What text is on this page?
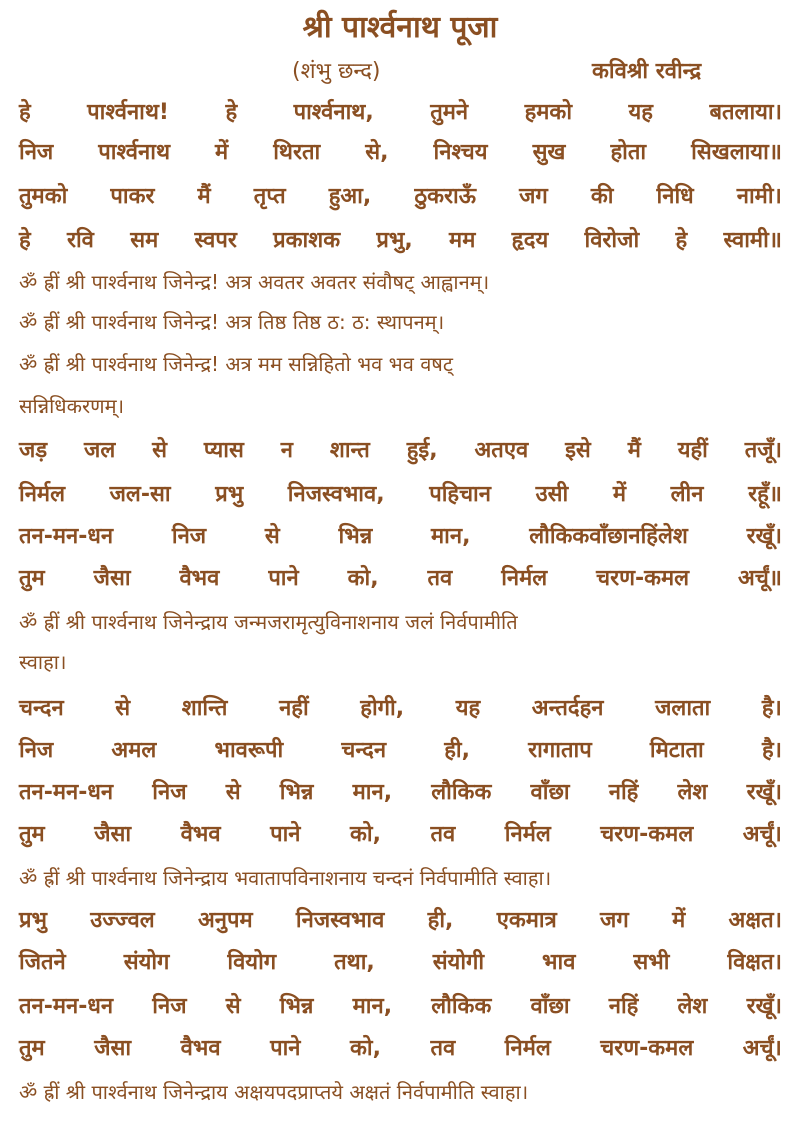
श्री पार्श्वनाथ पूजा
(शंभु छन्द)	कविश्री रवीन्द्र
हे	पार्श्वनाथ!	हे	पार्श्वनाथ,	तुमने	हमको	यह	बतलाया।
निज पार्श्वनाथ में थिरता से, निश्चय सुख होता सिखलाया॥
तुमको पाकर मैं तृप्त हुआ, ठुकराऊँ जग की निधि नामी।
हे रवि सम स्वपर प्रकाशक प्रभु, मम हृदय विरोजो हे स्वामी॥
ॐ ह्रीं श्री पार्श्वनाथ जिनेन्द्र! अत्र अवतर अवतर संवौषट् आह्वानम्।
ॐ ह्रीं श्री पार्श्वनाथ जिनेन्द्र! अत्र तिष्ठ तिष्ठ ठ: ठ: स्थापनम्।
ॐ ह्रीं श्री पार्श्वनाथ जिनेन्द्र! अत्र मम सन्निहितो भव भव वषट्
सन्निधिकरणम्।
जड़ जल से प्यास न शान्त हुई, अतएव इसे मैं यहीं तजूँ।
निर्मल जल-सा प्रभु निजस्वभाव, पहिचान उसी में लीन रहूँ॥
तन-मन-धन	निज	से	भिन्न	मान,	लौकिकवाँछानहिंलेश	रखूँ।
तुम जैसा वैभव पाने को, तव निर्मल चरण-कमल अर्चूं॥
ॐ ह्रीं श्री पार्श्वनाथ जिनेन्द्राय जन्मजरामृत्युविनाशनाय जलं निर्वपामीति
स्वाहा।
चन्दन से शान्ति नहीं होगी, यह अन्तर्दहन जलाता है।
निज	अमल	भावरूपी	चन्दन	ही,	रागाताप	मिटाता	है।
तन-मन-धन निज से भिन्न मान, लौकिक वाँछा नहिं लेश रखूँ।
तुम जैसा वैभव पाने को, तव निर्मल चरण-कमल अर्चूं।
ॐ ह्रीं श्री पार्श्वनाथ जिनेन्द्राय भवातापविनाशनाय चन्दनं निर्वपामीति स्वाहा।
प्रभु उज्ज्वल अनुपम निजस्वभाव ही, एकमात्र जग में अक्षत।
जितने	संयोग	वियोग	तथा,	संयोगी	भाव	सभी	विक्षत।
तन-मन-धन निज से भिन्न मान, लौकिक वाँछा नहिं लेश रखूँ।
तुम जैसा वैभव पाने को, तव निर्मल चरण-कमल अर्चूं।
ॐ ह्रीं श्री पार्श्वनाथ जिनेन्द्राय अक्षयपदप्राप्तये अक्षतं निर्वपामीति स्वाहा।
